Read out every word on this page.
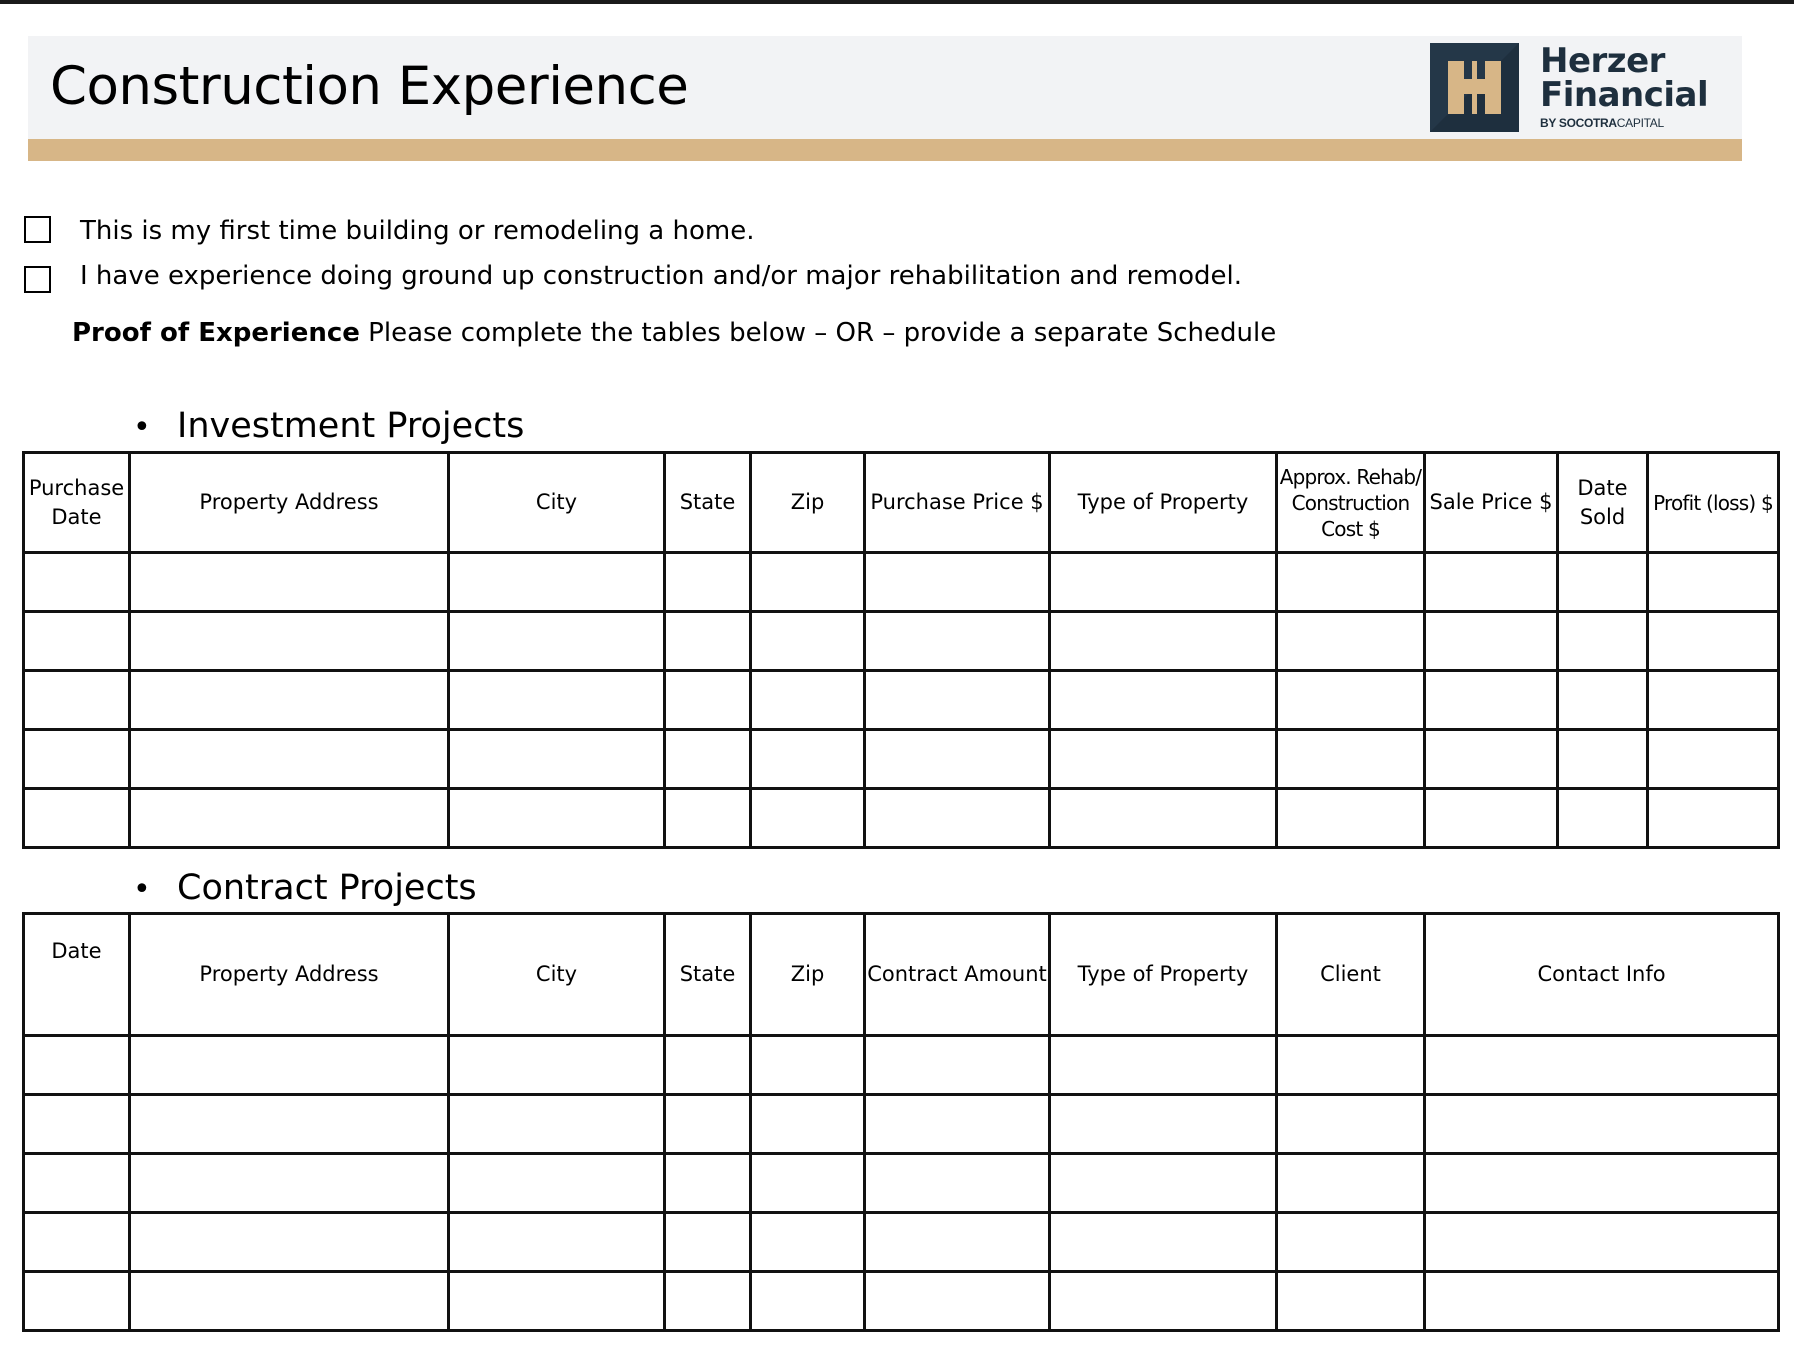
Construction Experience	Herzer
Financial
BY SOCOTRACAPITAL
This is my first time building or remodeling a home.
I have experience doing ground up construction and/or major rehabilitation and remodel.
Proof of Experience Please complete the tables below – OR – provide a separate Schedule
• Investment Projects
Purchase Date	Property Address	City	State	Zip	Purchase Price $	Type of Property	Approx. Rehab/ Construction Cost $	Sale Price $	Date Sold	Profit (loss) $

• Contract Projects
Date	Property Address	City	State	Zip	Contract Amount	Type of Property	Client	Contact Info
